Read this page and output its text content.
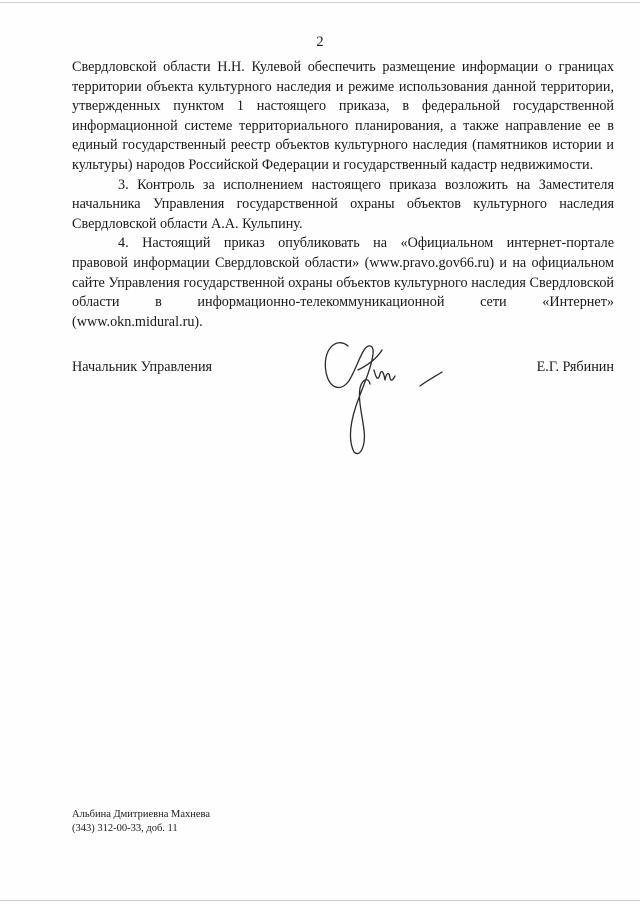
2

Свердловской области Н.Н. Кулевой обеспечить размещение информации о границах территории объекта культурного наследия и режиме использования данной территории, утвержденных пунктом 1 настоящего приказа, в федеральной государственной информационной системе территориального планирования, а также направление ее в единый государственный реестр объектов культурного наследия (памятников истории и культуры) народов Российской Федерации и государственный кадастр недвижимости.

3. Контроль за исполнением настоящего приказа возложить на Заместителя начальника Управления государственной охраны объектов культурного наследия Свердловской области А.А. Кульпину.

4. Настоящий приказ опубликовать на «Официальном интернет-портале правовой информации Свердловской области» (www.pravo.gov66.ru) и на официальном сайте Управления государственной охраны объектов культурного наследия Свердловской области в информационно-телекоммуникационной сети «Интернет» (www.okn.midural.ru).

Начальник Управления	Е.Г. Рябинин
Альбина Дмитриевна Махнева
(343) 312-00-33, доб. 11
